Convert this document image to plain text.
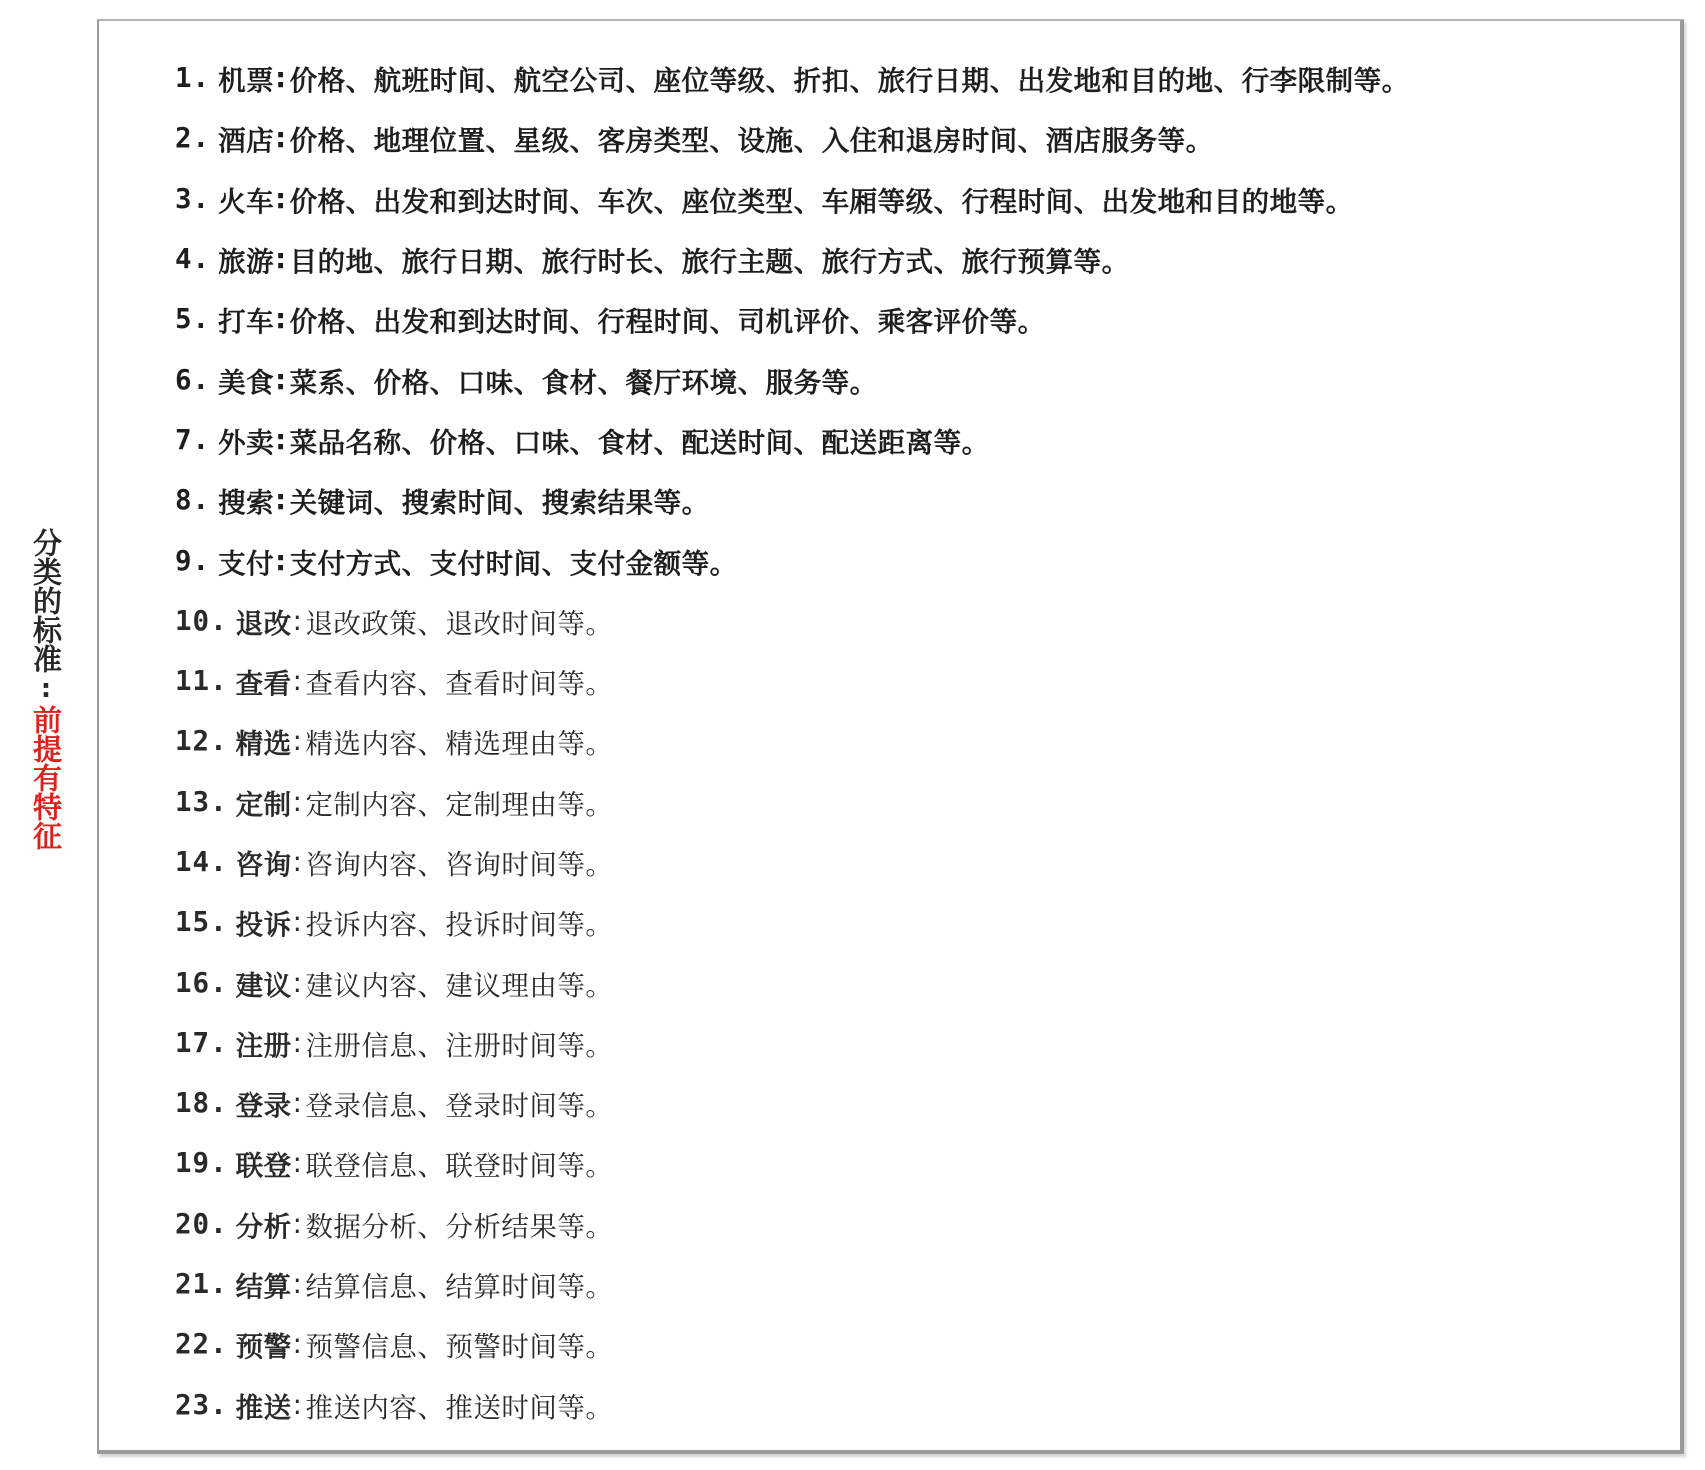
分类的标准
:
前提有特征
1. 机票 : 价格、航班时间、航空公司、座位等级、折扣、旅行日期、出发地和目的地、行李限制等。
2. 酒店 : 价格、地理位置、星级、客房类型、设施、入住和退房时间、酒店服务等。
3. 火车 : 价格、出发和到达时间、车次、座位类型、车厢等级、行程时间、出发地和目的地等。
4. 旅游 : 目的地、旅行日期、旅行时长、旅行主题、旅行方式、旅行预算等。
5. 打车 : 价格、出发和到达时间、行程时间、司机评价、乘客评价等。
6. 美食 : 菜系、价格、口味、食材、餐厅环境、服务等。
7. 外卖 : 菜品名称、价格、口味、食材、配送时间、配送距离等。
8. 搜索 : 关键词、搜索时间、搜索结果等。
9. 支付 : 支付方式、支付时间、支付金额等。
10. 退改 : 退改政策、退改时间等。
11. 查看 : 查看内容、查看时间等。
12. 精选 : 精选内容、精选理由等。
13. 定制 : 定制内容、定制理由等。
14. 咨询 : 咨询内容、咨询时间等。
15. 投诉 : 投诉内容、投诉时间等。
16. 建议 : 建议内容、建议理由等。
17. 注册 : 注册信息、注册时间等。
18. 登录 : 登录信息、登录时间等。
19. 联登 : 联登信息、联登时间等。
20. 分析 : 数据分析、分析结果等。
21. 结算 : 结算信息、结算时间等。
22. 预警 : 预警信息、预警时间等。
23. 推送 : 推送内容、推送时间等。
